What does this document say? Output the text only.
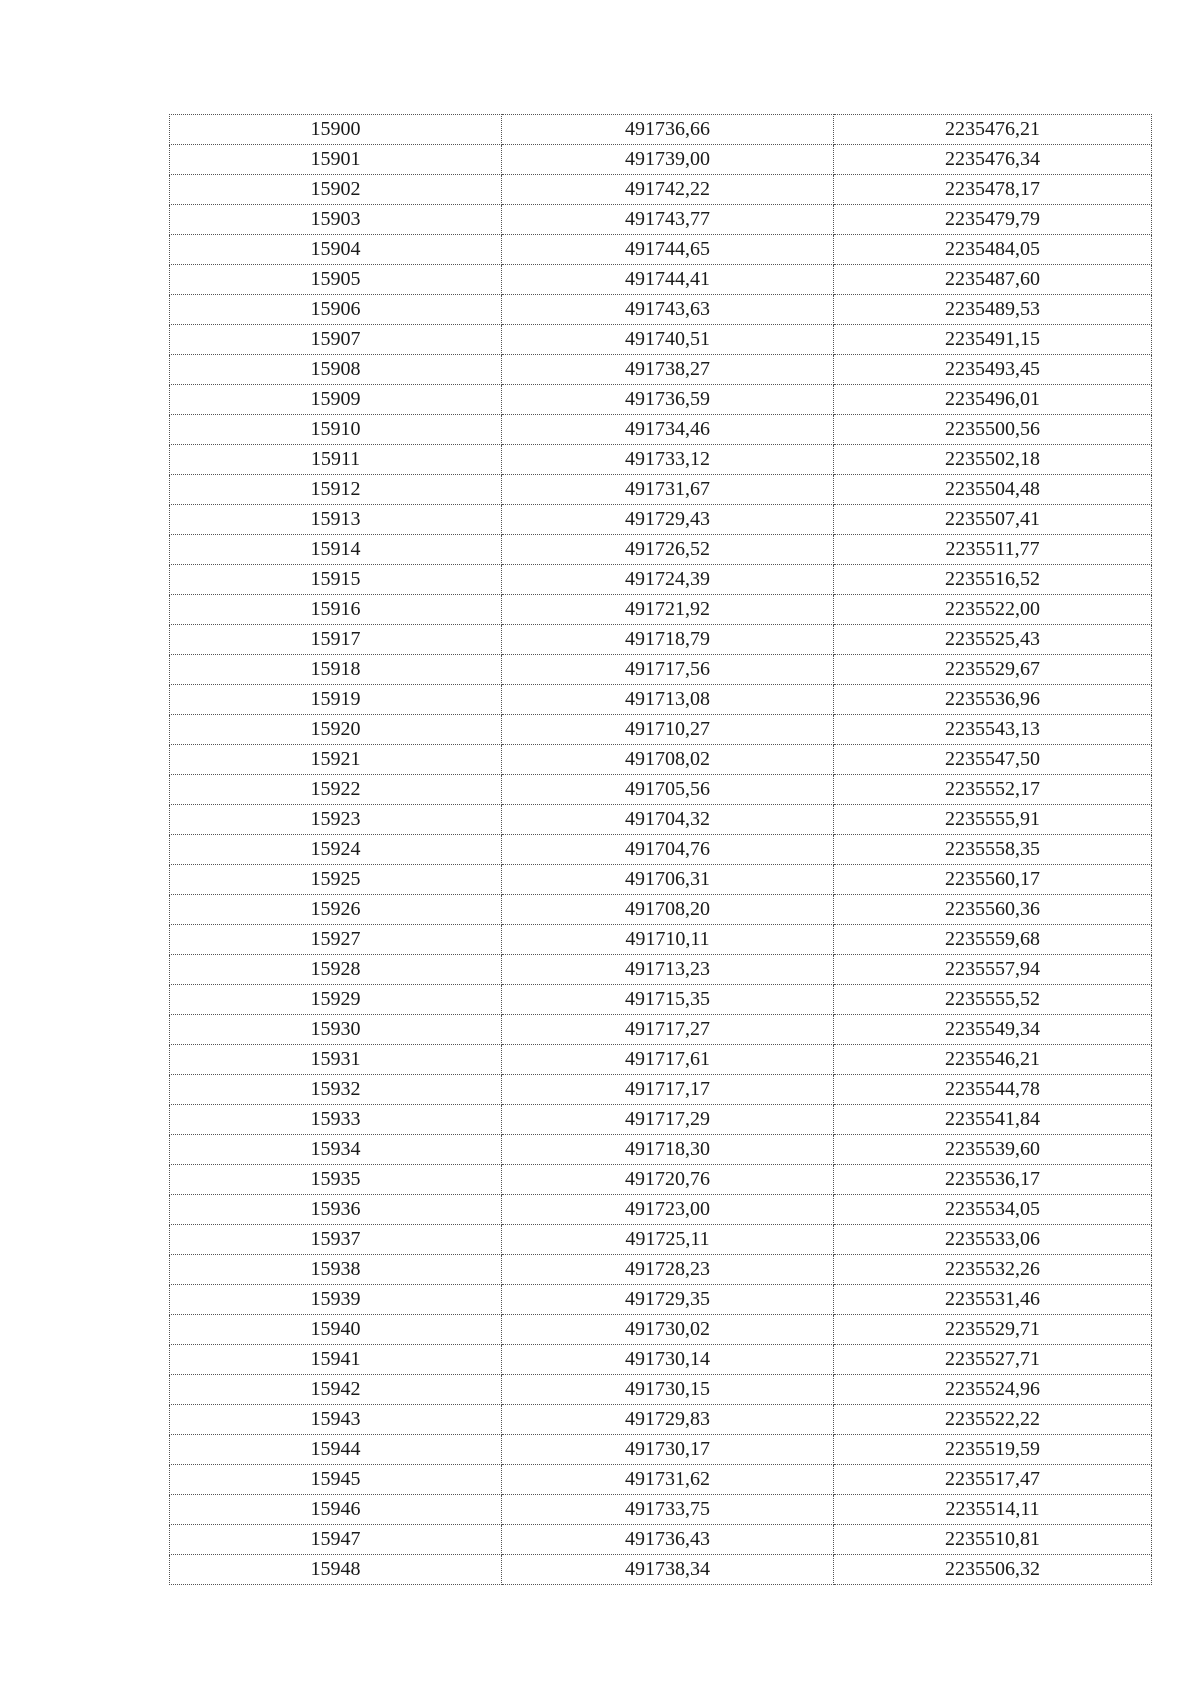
15900	491736,66	2235476,21
15901	491739,00	2235476,34
15902	491742,22	2235478,17
15903	491743,77	2235479,79
15904	491744,65	2235484,05
15905	491744,41	2235487,60
15906	491743,63	2235489,53
15907	491740,51	2235491,15
15908	491738,27	2235493,45
15909	491736,59	2235496,01
15910	491734,46	2235500,56
15911	491733,12	2235502,18
15912	491731,67	2235504,48
15913	491729,43	2235507,41
15914	491726,52	2235511,77
15915	491724,39	2235516,52
15916	491721,92	2235522,00
15917	491718,79	2235525,43
15918	491717,56	2235529,67
15919	491713,08	2235536,96
15920	491710,27	2235543,13
15921	491708,02	2235547,50
15922	491705,56	2235552,17
15923	491704,32	2235555,91
15924	491704,76	2235558,35
15925	491706,31	2235560,17
15926	491708,20	2235560,36
15927	491710,11	2235559,68
15928	491713,23	2235557,94
15929	491715,35	2235555,52
15930	491717,27	2235549,34
15931	491717,61	2235546,21
15932	491717,17	2235544,78
15933	491717,29	2235541,84
15934	491718,30	2235539,60
15935	491720,76	2235536,17
15936	491723,00	2235534,05
15937	491725,11	2235533,06
15938	491728,23	2235532,26
15939	491729,35	2235531,46
15940	491730,02	2235529,71
15941	491730,14	2235527,71
15942	491730,15	2235524,96
15943	491729,83	2235522,22
15944	491730,17	2235519,59
15945	491731,62	2235517,47
15946	491733,75	2235514,11
15947	491736,43	2235510,81
15948	491738,34	2235506,32
